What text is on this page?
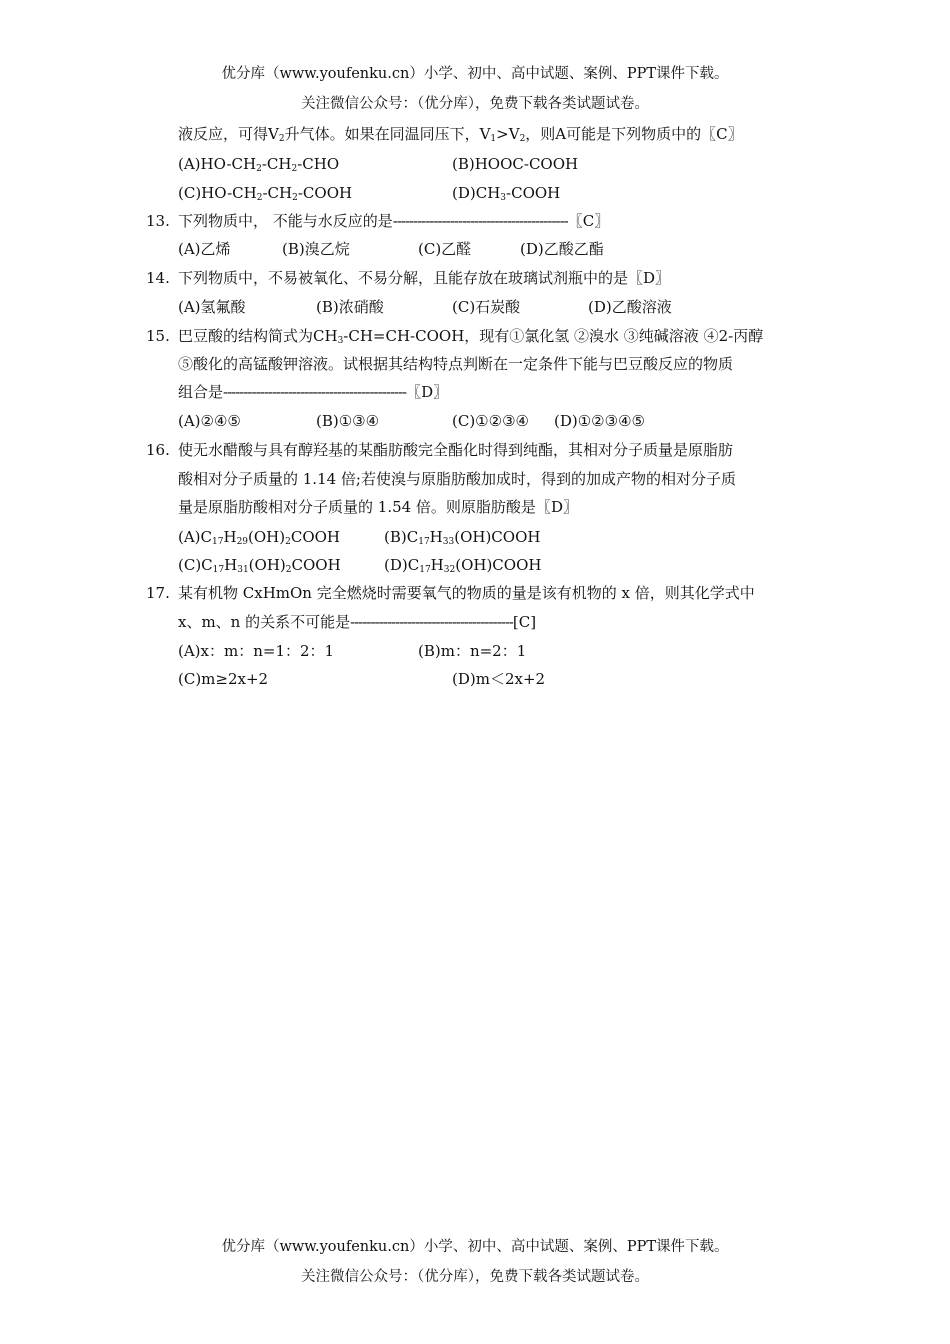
优分库（www.youfenku.cn）小学、初中、高中试题、案例、PPT课件下载。
关注微信公众号：（优分库），免费下载各类试题试卷。
液反应，可得$V_2$升气体。如果在同温同压下，$V_1>V_2$，则A可能是下列物质中的〖C〗
$(A)HO-CH_2-CH_2$-CHO	(B)HOOC-COOH
$(C)HO-CH_2-CH_2$-COOH	$(D)CH_3$-COOH
13. 下列物质中， 不能与水反应的是-------------------------------------------〖C〗
(A)乙烯	(B)溴乙烷	(C)乙醛	(D)乙酸乙酯
14. 下列物质中，不易被氧化、不易分解，且能存放在玻璃试剂瓶中的是〖D〗
(A)氢氟酸	(B)浓硝酸	(C)石炭酸	(D)乙酸溶液
15. 巴豆酸的结构简式为$CH_3-CH=CH$-COOH，现有①氯化氢 ②溴水 ③纯碱溶液 ④2-丙醇
⑤酸化的高锰酸钾溶液。试根据其结构特点判断在一定条件下能与巴豆酸反应的物质
组合是---------------------------------------------〖D〗
(A)②④⑤	(B)①③④	(C)①②③④ (D)①②③④⑤
16. 使无水醋酸与具有醇羟基的某酯肪酸完全酯化时得到纯酯，其相对分子质量是原脂肪
酸相对分子质量的 1.14 倍;若使溴与原脂肪酸加成时，得到的加成产物的相对分子质
量是原脂肪酸相对分子质量的 1.54 倍。则原脂肪酸是〖D〗
$(A)C_{17}H_{29}(OH)_2COOH$	$(B)C_{17}H_{33}(OH)COOH$
$(C)C_{17}H_{31}(OH)_2COOH$	$(D)C_{17}H_{32}(OH)COOH$
17. 某有机物 CxHmOn 完全燃烧时需要氧气的物质的量是该有机物的 x 倍，则其化学式中
x、m、n 的关系不可能是----------------------------------------[C]
(A)x：m：n=1：2：1	(B)m：n=2：1
(C)m≥2x+2	(D)m＜2x+2
优分库（www.youfenku.cn）小学、初中、高中试题、案例、PPT课件下载。
关注微信公众号：（优分库），免费下载各类试题试卷。
